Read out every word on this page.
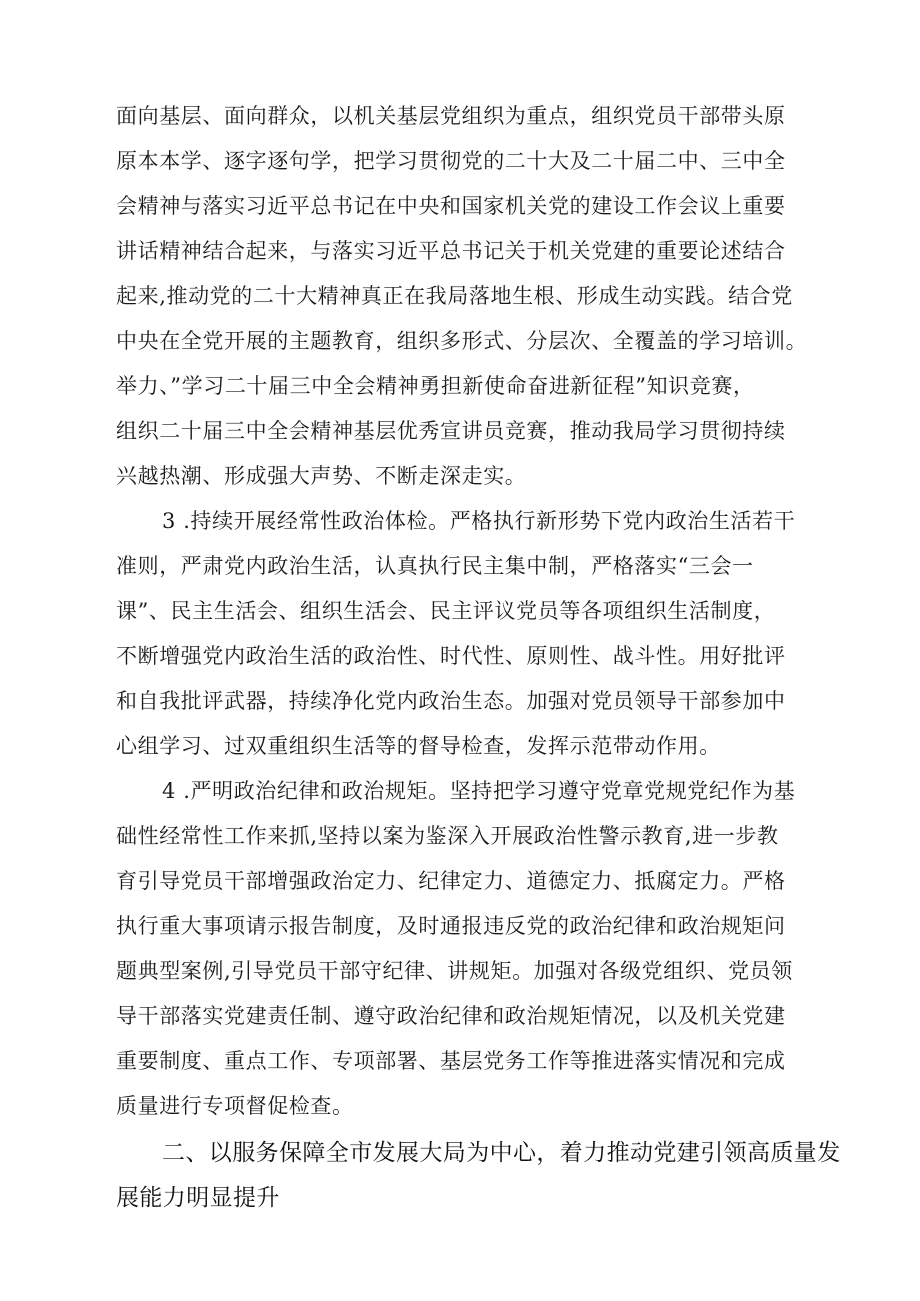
面向基层、面向群众，以机关基层党组织为重点，组织党员干部带头原
原本本学、逐字逐句学，把学习贯彻党的二十大及二十届二中、三中全
会精神与落实习近平总书记在中央和国家机关党的建设工作会议上重要
讲话精神结合起来，与落实习近平总书记关于机关党建的重要论述结合
起来,推动党的二十大精神真正在我局落地生根、形成生动实践。结合党
中央在全党开展的主题教育，组织多形式、分层次、全覆盖的学习培训。
举力、”学习二十届三中全会精神勇担新使命奋进新征程”知识竞赛，
组织二十届三中全会精神基层优秀宣讲员竞赛，推动我局学习贯彻持续
兴越热潮、形成强大声势、不断走深走实。
3 .持续开展经常性政治体检。严格执行新形势下党内政治生活若干
准则，严肃党内政治生活，认真执行民主集中制，严格落实“三会一
课”、民主生活会、组织生活会、民主评议党员等各项组织生活制度，
不断增强党内政治生活的政治性、时代性、原则性、战斗性。用好批评
和自我批评武器，持续净化党内政治生态。加强对党员领导干部参加中
心组学习、过双重组织生活等的督导检查，发挥示范带动作用。
4 .严明政治纪律和政治规矩。坚持把学习遵守党章党规党纪作为基
础性经常性工作来抓,坚持以案为鉴深入开展政治性警示教育,进一步教
育引导党员干部增强政治定力、纪律定力、道德定力、抵腐定力。严格
执行重大事项请示报告制度，及时通报违反党的政治纪律和政治规矩问
题典型案例,引导党员干部守纪律、讲规矩。加强对各级党组织、党员领
导干部落实党建责任制、遵守政治纪律和政治规矩情况，以及机关党建
重要制度、重点工作、专项部署、基层党务工作等推进落实情况和完成
质量进行专项督促检查。
二、以服务保障全市发展大局为中心，着力推动党建引领高质量发
展能力明显提升
